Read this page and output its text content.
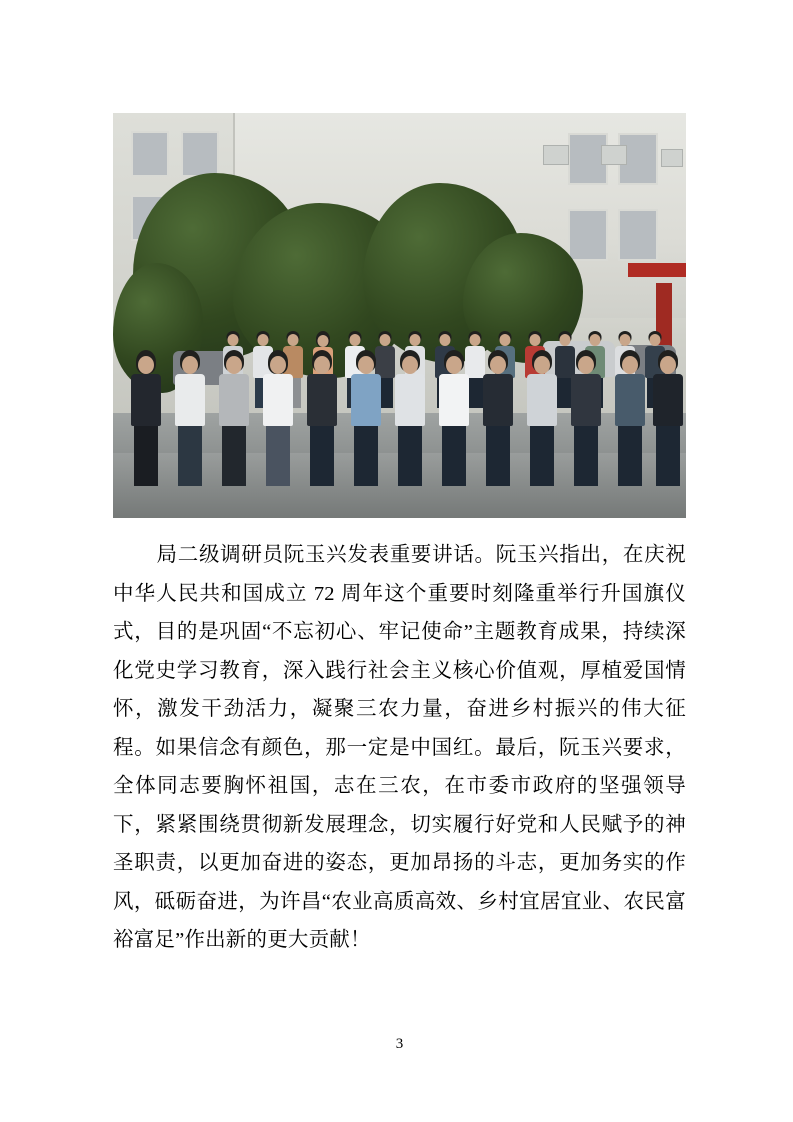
局二级调研员阮玉兴发表重要讲话。阮玉兴指出，在庆祝中华人民共和国成立 72 周年这个重要时刻隆重举行升国旗仪式，目的是巩固“不忘初心、牢记使命”主题教育成果，持续深化党史学习教育，深入践行社会主义核心价值观，厚植爱国情怀，激发干劲活力，凝聚三农力量，奋进乡村振兴的伟大征程。如果信念有颜色，那一定是中国红。最后，阮玉兴要求，全体同志要胸怀祖国，志在三农，在市委市政府的坚强领导下，紧紧围绕贯彻新发展理念，切实履行好党和人民赋予的神圣职责，以更加奋进的姿态，更加昂扬的斗志，更加务实的作风，砥砺奋进，为许昌“农业高质高效、乡村宜居宜业、农民富裕富足”作出新的更大贡献！
3
